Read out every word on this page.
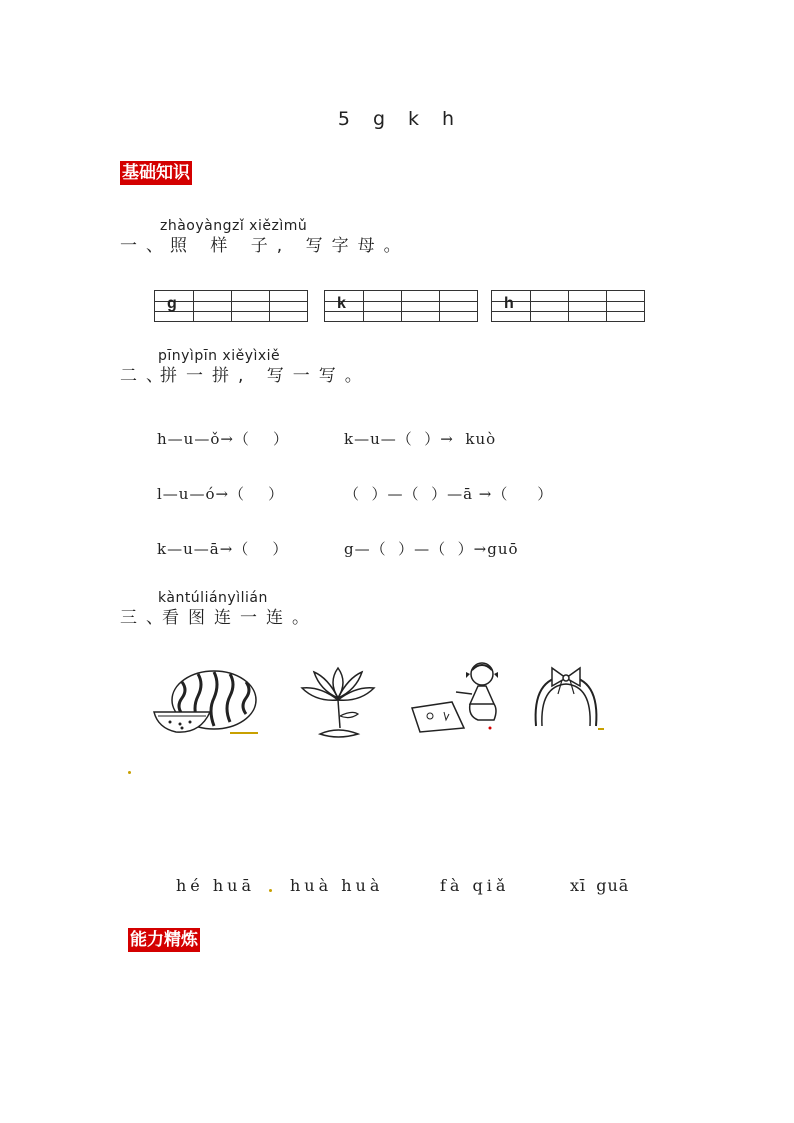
5　g　k　h
基础知识
zhàoyàngzǐ xiězìmǔ
一、
照 样 子, 写字母。
g	k	h
pīnyìpīn xiěyìxiě
二、
拼一拼, 写一写。
h—u—ǒ→（    ）	k—u—（  ）→  kuò
l—u—ó→（    ）	（  ）—（  ）—ā →（     ）
k—u—ā→（    ）	g—（  ）—（  ）→guō
kàntúliányìlián
三、
看图连一连。
hé huā huà huà	fà qiǎ	xī guā
能力精炼
